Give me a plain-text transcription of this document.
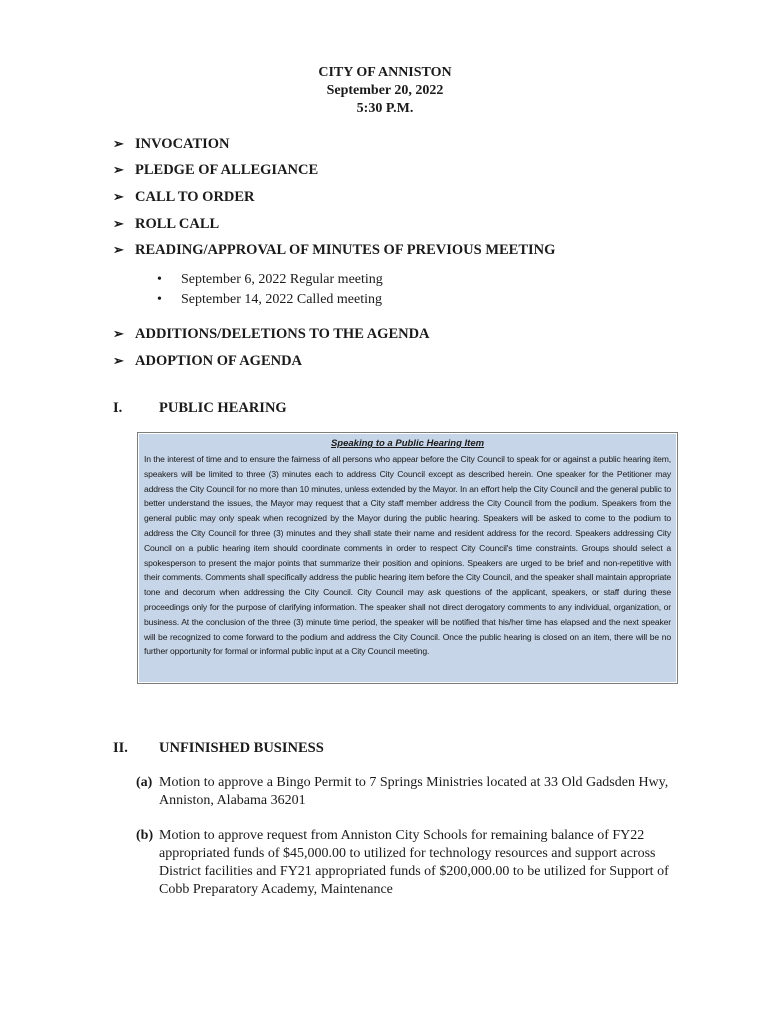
CITY OF ANNISTON
September 20, 2022
5:30 P.M.
➢ INVOCATION
➢ PLEDGE OF ALLEGIANCE
➢ CALL TO ORDER
➢ ROLL CALL
➢ READING/APPROVAL OF MINUTES OF PREVIOUS MEETING
•	September 6, 2022 Regular meeting
•	September 14, 2022 Called meeting
➢ ADDITIONS/DELETIONS TO THE AGENDA
➢ ADOPTION OF AGENDA
I.	PUBLIC HEARING
Speaking to a Public Hearing Item
In the interest of time and to ensure the fairness of all persons who appear before the City Council to speak for or against a public hearing item, speakers will be limited to three (3) minutes each to address City Council except as described herein. One speaker for the Petitioner may address the City Council for no more than 10 minutes, unless extended by the Mayor. In an effort help the City Council and the general public to better understand the issues, the Mayor may request that a City staff member address the City Council from the podium. Speakers from the general public may only speak when recognized by the Mayor during the public hearing. Speakers will be asked to come to the podium to address the City Council for three (3) minutes and they shall state their name and resident address for the record. Speakers addressing City Council on a public hearing item should coordinate comments in order to respect City Council's time constraints. Groups should select a spokesperson to present the major points that summarize their position and opinions. Speakers are urged to be brief and non-repetitive with their comments. Comments shall specifically address the public hearing item before the City Council, and the speaker shall maintain appropriate tone and decorum when addressing the City Council. City Council may ask questions of the applicant, speakers, or staff during these proceedings only for the purpose of clarifying information. The speaker shall not direct derogatory comments to any individual, organization, or business. At the conclusion of the three (3) minute time period, the speaker will be notified that his/her time has elapsed and the next speaker will be recognized to come forward to the podium and address the City Council. Once the public hearing is closed on an item, there will be no further opportunity for formal or informal public input at a City Council meeting.
II.	UNFINISHED BUSINESS
(a) Motion to approve a Bingo Permit to 7 Springs Ministries located at 33 Old Gadsden Hwy, Anniston, Alabama 36201
(b) Motion to approve request from Anniston City Schools for remaining balance of FY22 appropriated funds of $45,000.00 to utilized for technology resources and support across District facilities and FY21 appropriated funds of $200,000.00 to be utilized for Support of Cobb Preparatory Academy, Maintenance
